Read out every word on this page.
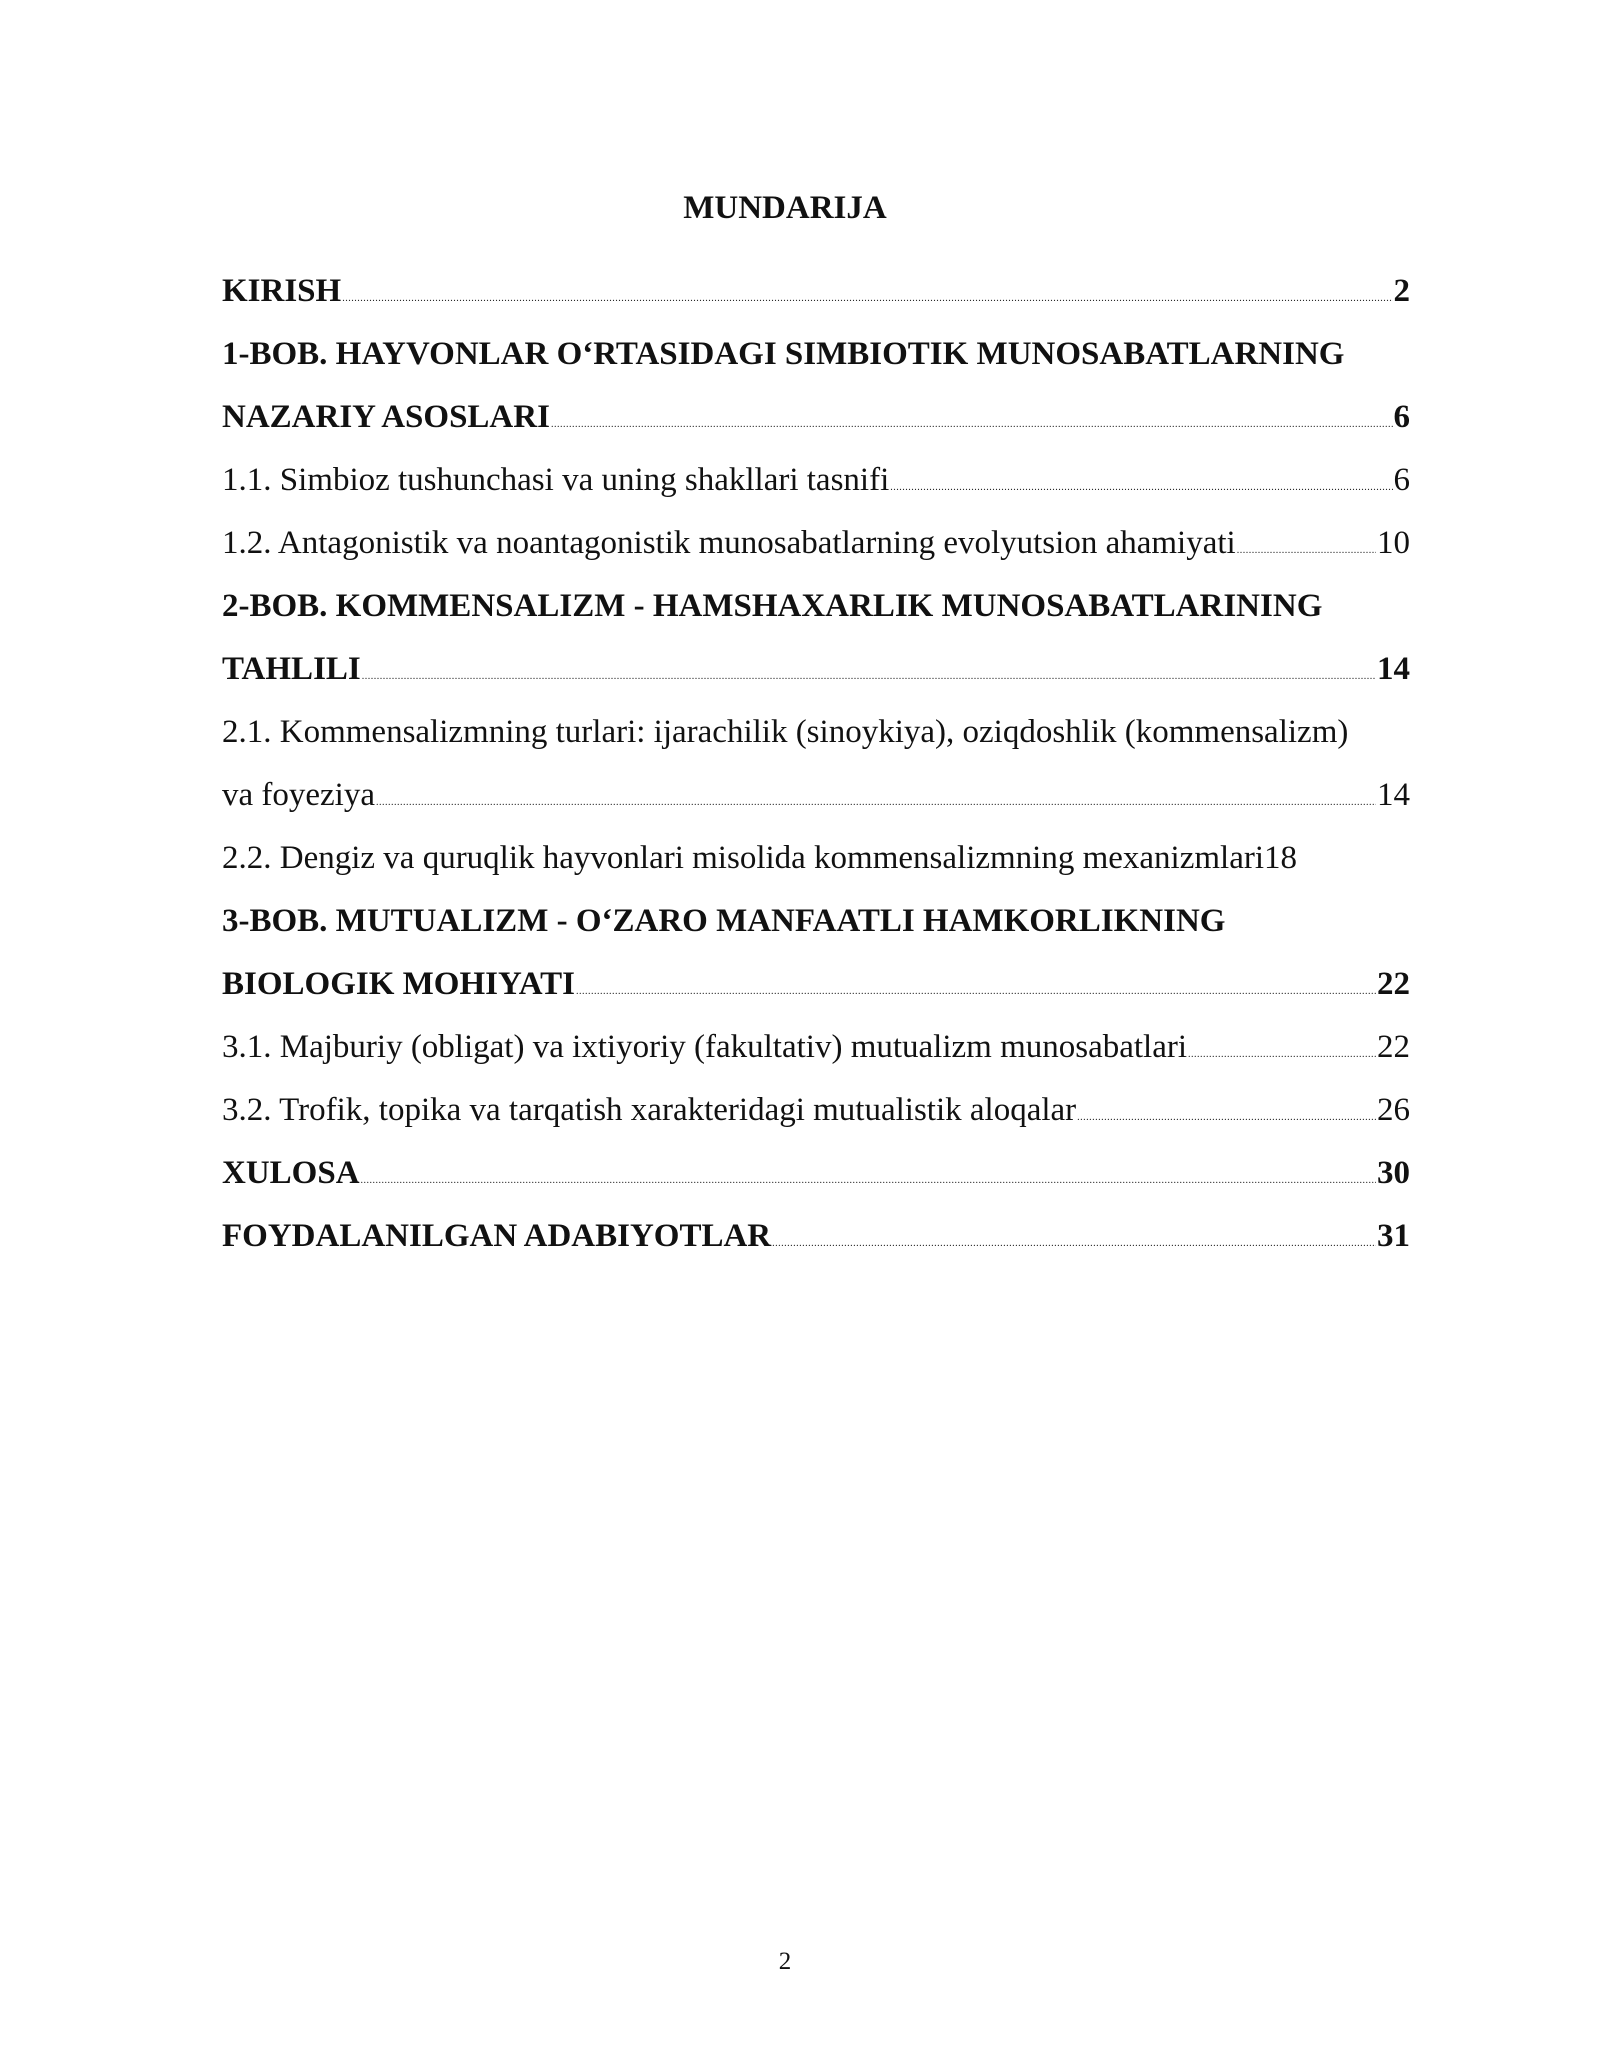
MUNDARIJA
KIRISH .....	2
1-BOB. HAYVONLAR O‘RTASIDAGI SIMBIOTIK MUNOSABATLARNING
NAZARIY ASOSLARI .....	6
1.1. Simbioz tushunchasi va uning shakllari tasnifi .....	6
1.2. Antagonistik va noantagonistik munosabatlarning evolyutsion ahamiyati .....	10
2-BOB. KOMMENSALIZM - HAMSHAXARLIK MUNOSABATLARINING
TAHLILI .....	14
2.1. Kommensalizmning turlari: ijarachilik (sinoykiya), oziqdoshlik (kommensalizm)
va foyeziya .....	14
2.2. Dengiz va quruqlik hayvonlari misolida kommensalizmning mexanizmlari 18
3-BOB. MUTUALIZM - O‘ZARO MANFAATLI HAMKORLIKNING
BIOLOGIK MOHIYATI .....	22
3.1. Majburiy (obligat) va ixtiyoriy (fakultativ) mutualizm munosabatlari .....	22
3.2. Trofik, topika va tarqatish xarakteridagi mutualistik aloqalar .....	26
XULOSA .....	30
FOYDALANILGAN ADABIYOTLAR .....	31
2
